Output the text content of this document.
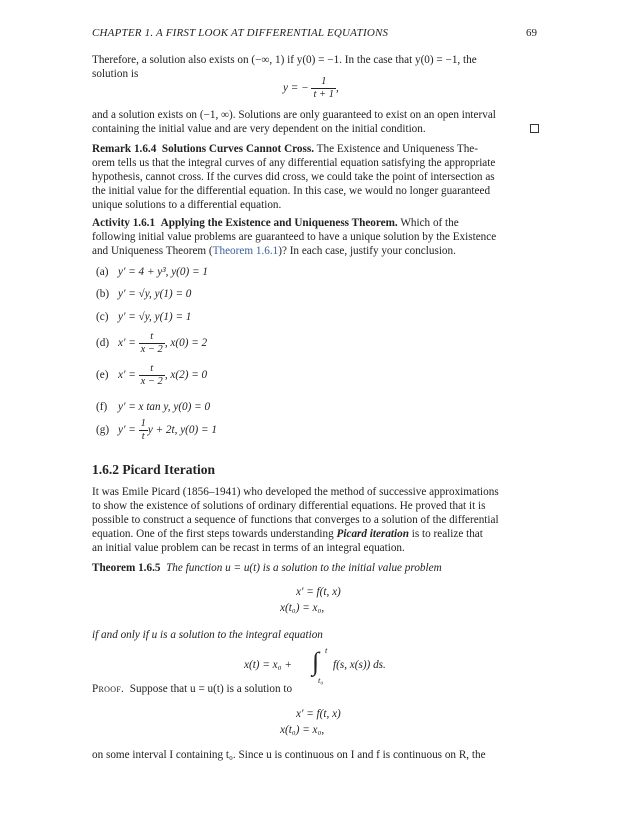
CHAPTER 1. A FIRST LOOK AT DIFFERENTIAL EQUATIONS	69
Therefore, a solution also exists on (−∞, 1) if y(0) = −1. In the case that y(0) = −1, the
solution is
y = − $\frac{1}{t + 1}$ ,
and a solution exists on (−1, ∞). Solutions are only guaranteed to exist on an open interval
containing the initial value and are very dependent on the initial condition.
Remark 1.6.4 Solutions Curves Cannot Cross. The Existence and Uniqueness The-
orem tells us that the integral curves of any differential equation satisfying the appropriate
hypothesis, cannot cross. If the curves did cross, we could take the point of intersection as
the initial value for the differential equation. In this case, we would no longer guaranteed
unique solutions to a differential equation.
Activity 1.6.1 Applying the Existence and Uniqueness Theorem. Which of the
following initial value problems are guaranteed to have a unique solution by the Existence
and Uniqueness Theorem (Theorem 1.6.1)? In each case, justify your conclusion.
(a) y′ = 4 + y³, y(0) = 1
(b) y′ = √y, y(1) = 0
(c) y′ = √y, y(1) = 1
(d) $x' = \frac{t}{x - 2}$ , x(0) = 2
(e) $x' = \frac{t}{x - 2}$ , x(2) = 0
(f) y′ = x tan y, y(0) = 0
(g) $y' = \frac{1}{t}$ y + 2t, y(0) = 1
1.6.2 Picard Iteration
It was Emile Picard (1856–1941) who developed the method of successive approximations
to show the existence of solutions of ordinary differential equations. He proved that it is
possible to construct a sequence of functions that converges to a solution of the differential
equation. One of the first steps towards understanding Picard iteration is to realize that
an initial value problem can be recast in terms of an integral equation.
Theorem 1.6.5 The function u = u(t) is a solution to the initial value problem
x′ = f(t, x)
x(t₀) = x₀,
if and only if u is a solution to the integral equation
x(t) = x₀ + ∫ t
t₀
f(s, x(s)) ds.
Proof. Suppose that u = u(t) is a solution to
x′ = f(t, x)
x(t₀) = x₀,
on some interval I containing t₀. Since u is continuous on I and f is continuous on R, the
